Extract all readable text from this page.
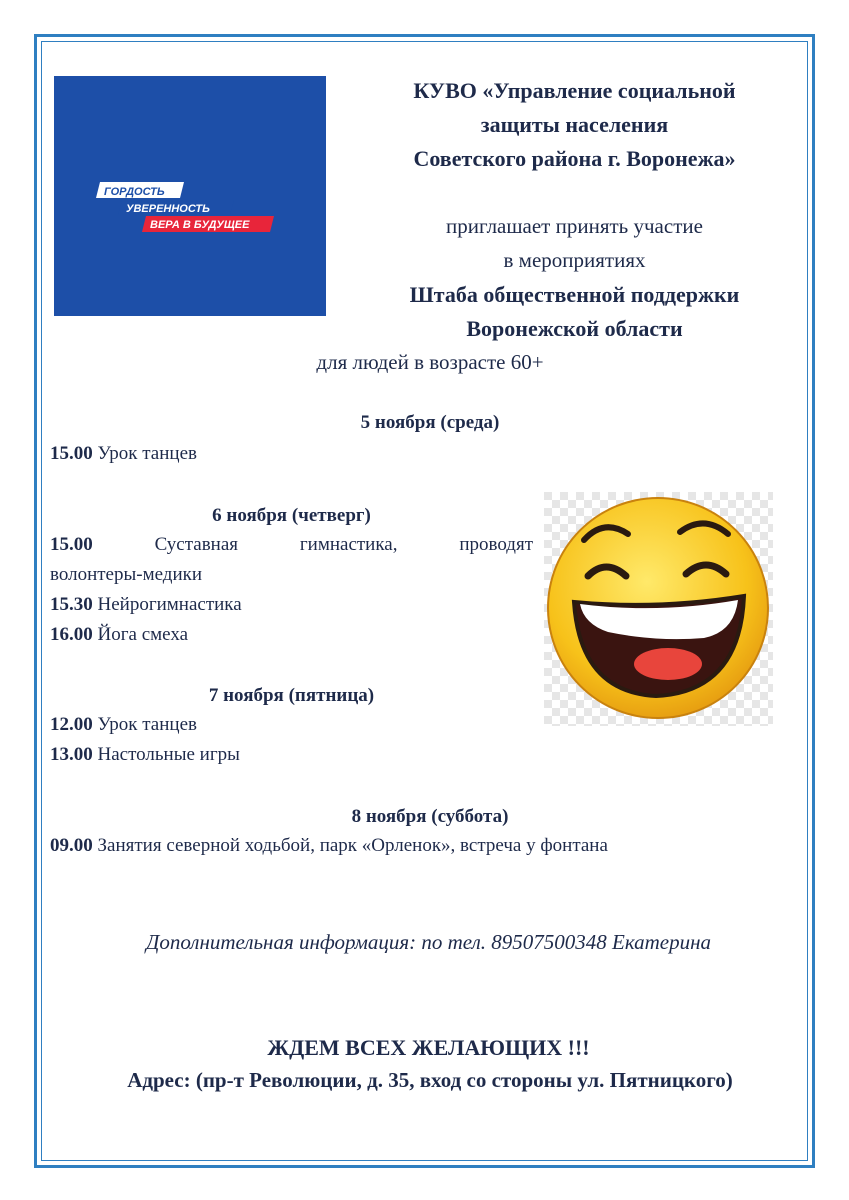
ГОРДОСТЬ
УВЕРЕННОСТЬ
ВЕРА В БУДУЩЕЕ
КУВО «Управление социальной
защиты населения
Советского района г. Воронежа»
приглашает принять участие
в мероприятиях
Штаба общественной поддержки
Воронежской области
для людей в возрасте 60+
5 ноября (среда)
15.00 Урок танцев
6 ноября (четверг)
15.00	Суставная	гимнастика,	проводят
волонтеры-медики
15.30 Нейрогимнастика
16.00 Йога смеха
7 ноября (пятница)
12.00 Урок танцев
13.00 Настольные игры
8 ноября (суббота)
09.00 Занятия северной ходьбой, парк «Орленок», встреча у фонтана
Дополнительная информация: по тел. 89507500348 Екатерина
ЖДЕМ ВСЕХ ЖЕЛАЮЩИХ !!!
Адрес: (пр-т Революции, д. 35, вход со стороны ул. Пятницкого)
